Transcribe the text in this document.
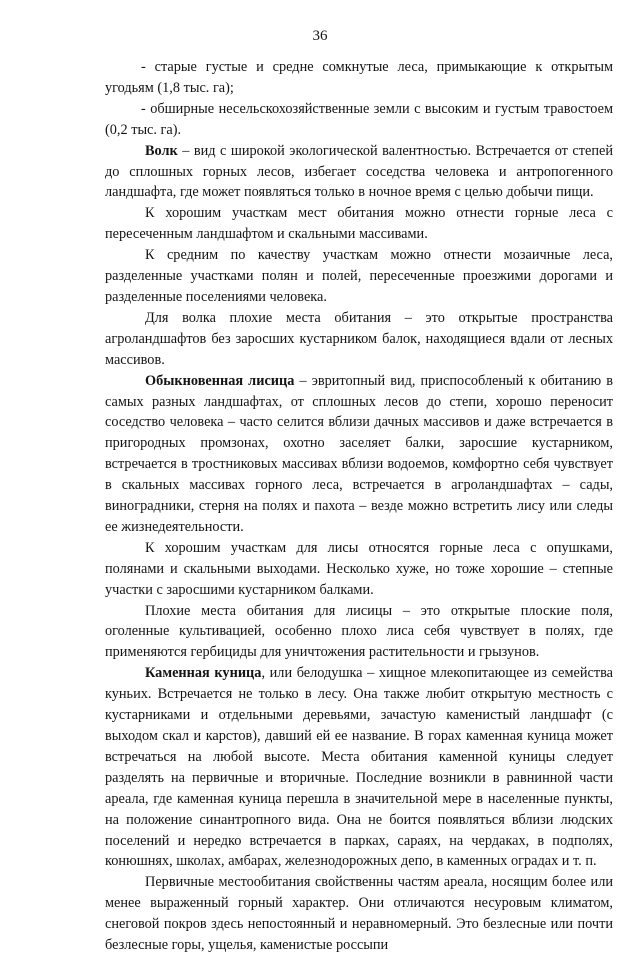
36

- старые густые и средне сомкнутые леса, примыкающие к открытым угодьям (1,8 тыс. га);

- обширные несельскохозяйственные земли с высоким и густым травостоем (0,2 тыс. га).

Волк – вид с широкой экологической валентностью. Встречается от степей до сплошных горных лесов, избегает соседства человека и антропогенного ландшафта, где может появляться только в ночное время с целью добычи пищи.

К хорошим участкам мест обитания можно отнести горные леса с пересеченным ландшафтом и скальными массивами.

К средним по качеству участкам можно отнести мозаичные леса, разделенные участками полян и полей, пересеченные проезжими дорогами и разделенные поселениями человека.

Для волка плохие места обитания – это открытые пространства агроландшафтов без заросших кустарником балок, находящиеся вдали от лесных массивов.

Обыкновенная лисица – эвритопный вид, приспособленый к обитанию в самых разных ландшафтах, от сплошных лесов до степи, хорошо переносит соседство человека – часто селится вблизи дачных массивов и даже встречается в пригородных промзонах, охотно заселяет балки, заросшие кустарником, встречается в тростниковых массивах вблизи водоемов, комфортно себя чувствует в скальных массивах горного леса, встречается в агроландшафтах – сады, виноградники, стерня на полях и пахота – везде можно встретить лису или следы ее жизнедеятельности.

К хорошим участкам для лисы относятся горные леса с опушками, полянами и скальными выходами. Несколько хуже, но тоже хорошие – степные участки с заросшими кустарником балками.

Плохие места обитания для лисицы – это открытые плоские поля, оголенные культивацией, особенно плохо лиса себя чувствует в полях, где применяются гербициды для уничтожения растительности и грызунов.

Каменная куница, или белодушка – хищное млекопитающее из семейства куньих. Встречается не только в лесу. Она также любит открытую местность с кустарниками и отдельными деревьями, зачастую каменистый ландшафт (с выходом скал и карстов), давший ей ее название. В горах каменная куница может встречаться на любой высоте. Места обитания каменной куницы следует разделять на первичные и вторичные. Последние возникли в равнинной части ареала, где каменная куница перешла в значительной мере в населенные пункты, на положение синантропного вида. Она не боится появляться вблизи людских поселений и нередко встречается в парках, сараях, на чердаках, в подполях, конюшнях, школах, амбарах, железнодорожных депо, в каменных оградах и т. п.

Первичные местообитания свойственны частям ареала, носящим более или менее выраженный горный характер. Они отличаются несуровым климатом, снеговой покров здесь непостоянный и неравномерный. Это безлесные или почти безлесные горы, ущелья, каменистые россыпи
